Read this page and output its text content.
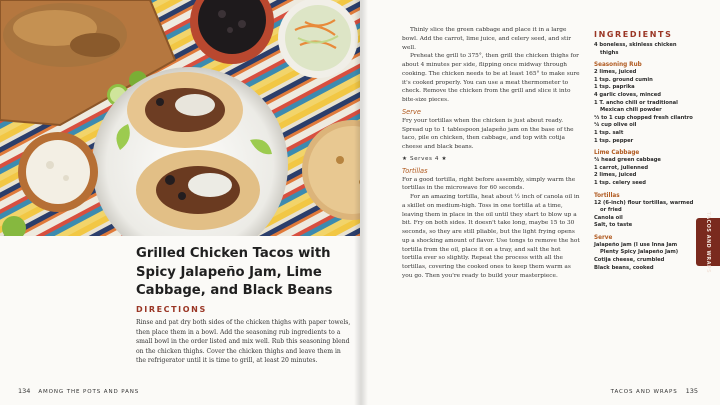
Grilled Chicken Tacos with
Spicy Jalapeño Jam, Lime
Cabbage, and Black Beans
DIRECTIONS
Rinse and pat dry both sides of the chicken thighs with paper towels, then place them in a bowl. Add the seasoning rub ingredients to a small bowl in the order listed and mix well. Rub this seasoning blend on the chicken thighs. Cover the chicken thighs and leave them in the refrigerator until it is time to grill, at least 20 minutes.
134 AMONG THE POTS AND PANS	TACOS AND WRAPS 135
TACOS AND WRAPS

Thinly slice the green cabbage and place it in a large bowl. Add the carrot, lime juice, and celery seed, and stir well.

Preheat the grill to 375°, then grill the chicken thighs for about 4 minutes per side, flipping once midway through cooking. The chicken needs to be at least 165° to make sure it's cooked properly. You can use a meat thermometer to check. Remove the chicken from the grill and slice it into bite-size pieces.

Serve

Fry your tortillas when the chicken is just about ready. Spread up to 1 tablespoon jalapeño jam on the base of the taco, pile on chicken, then cabbage, and top with cotija cheese and black beans.

★ Serves 4 ★
Tortillas

For a good tortilla, right before assembly, simply warm the tortillas in the microwave for 60 seconds.

For an amazing tortilla, heat about ½ inch of canola oil in a skillet on medium-high. Toss in one tortilla at a time, leaving them in place in the oil until they start to blow up a bit. Fry on both sides. It doesn't take long, maybe 15 to 30 seconds, so they are still pliable, but the light frying opens up a shocking amount of flavor. Use tongs to remove the hot tortilla from the oil, place it on a tray, and salt the hot tortilla ever so slightly. Repeat the process with all the tortillas, covering the cooked ones to keep them warm as you go. Then you're ready to build your masterpiece.

INGREDIENTS
4 boneless, skinless chicken thighs
Seasoning Rub
2 limes, juiced
1 tsp. ground cumin
1 tsp. paprika
4 garlic cloves, minced
1 T. ancho chili or traditional Mexican chili powder
⅓ to 1 cup chopped fresh cilantro
¼ cup olive oil
1 tsp. salt
1 tsp. pepper
Lime Cabbage
¾ head green cabbage
1 carrot, julienned
2 limes, juiced
1 tsp. celery seed
Tortillas
12 (6-inch) flour tortillas, warmed or fried
Canola oil
Salt, to taste
Serve
Jalapeño jam (I use Inna Jam Plenty Spicy Jalapeño Jam)
Cotija cheese, crumbled
Black beans, cooked
